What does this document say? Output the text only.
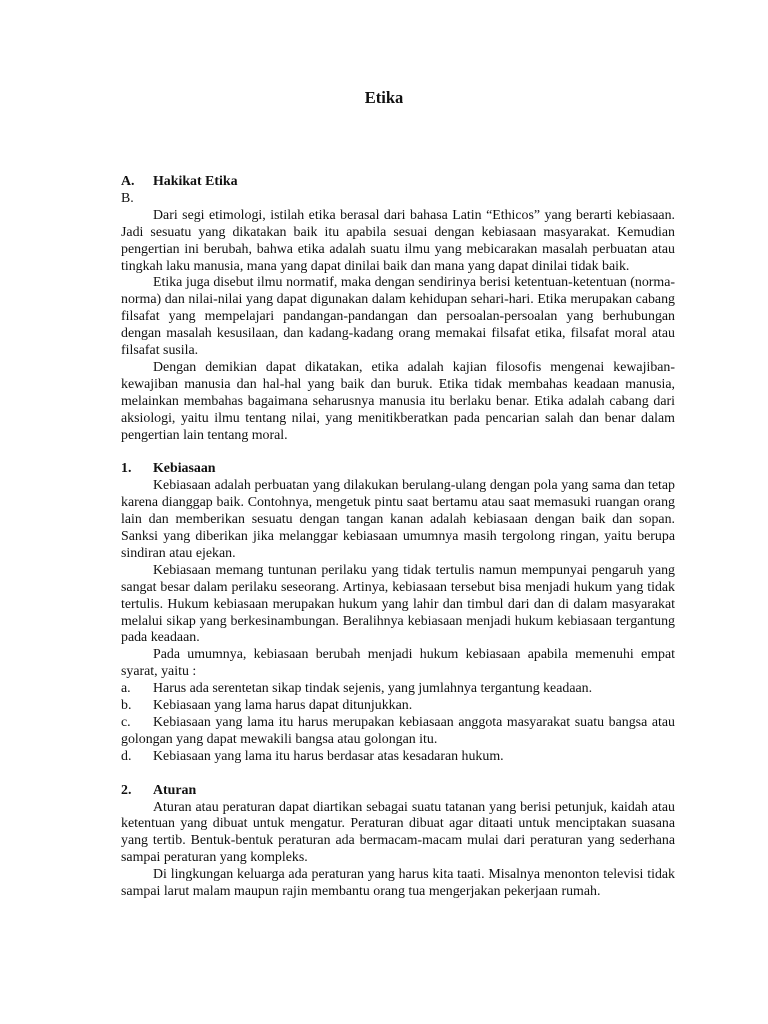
Etika
A.	Hakikat Etika

B.

Dari segi etimologi, istilah etika berasal dari bahasa Latin “Ethicos” yang berarti kebiasaan. Jadi sesuatu yang dikatakan baik itu apabila sesuai dengan kebiasaan masyarakat. Kemudian pengertian ini berubah, bahwa etika adalah suatu ilmu yang mebicarakan masalah perbuatan atau tingkah laku manusia, mana yang dapat dinilai baik dan mana yang dapat dinilai tidak baik.

Etika juga disebut ilmu normatif, maka dengan sendirinya berisi ketentuan-ketentuan (norma-norma) dan nilai-nilai yang dapat digunakan dalam kehidupan sehari-hari. Etika merupakan cabang filsafat yang mempelajari pandangan-pandangan dan persoalan-persoalan yang berhubungan dengan masalah kesusilaan, dan kadang-kadang orang memakai filsafat etika, filsafat moral atau filsafat susila.

Dengan demikian dapat dikatakan, etika adalah kajian filosofis mengenai kewajiban-kewajiban manusia dan hal-hal yang baik dan buruk. Etika tidak membahas keadaan manusia, melainkan membahas bagaimana seharusnya manusia itu berlaku benar. Etika adalah cabang dari aksiologi, yaitu ilmu tentang nilai, yang menitikberatkan pada pencarian salah dan benar dalam pengertian lain tentang moral.

1.	Kebiasaan

Kebiasaan adalah perbuatan yang dilakukan berulang-ulang dengan pola yang sama dan tetap karena dianggap baik. Contohnya, mengetuk pintu saat bertamu atau saat memasuki ruangan orang lain dan memberikan sesuatu dengan tangan kanan adalah kebiasaan dengan baik dan sopan. Sanksi yang diberikan jika melanggar kebiasaan umumnya masih tergolong ringan, yaitu berupa sindiran atau ejekan.

Kebiasaan memang tuntunan perilaku yang tidak tertulis namun mempunyai pengaruh yang sangat besar dalam perilaku seseorang. Artinya, kebiasaan tersebut bisa menjadi hukum yang tidak tertulis. Hukum kebiasaan merupakan hukum yang lahir dan timbul dari dan di dalam masyarakat melalui sikap yang berkesinambungan. Beralihnya kebiasaan menjadi hukum kebiasaan tergantung pada keadaan.

Pada umumnya, kebiasaan berubah menjadi hukum kebiasaan apabila memenuhi empat syarat, yaitu :

a.	Harus ada serentetan sikap tindak sejenis, yang jumlahnya tergantung keadaan.
b.	Kebiasaan yang lama harus dapat ditunjukkan.

c. Kebiasaan yang lama itu harus merupakan kebiasaan anggota masyarakat suatu bangsa atau golongan yang dapat mewakili bangsa atau golongan itu.

d.	Kebiasaan yang lama itu harus berdasar atas kesadaran hukum.
2.	Aturan

Aturan atau peraturan dapat diartikan sebagai suatu tatanan yang berisi petunjuk, kaidah atau ketentuan yang dibuat untuk mengatur. Peraturan dibuat agar ditaati untuk menciptakan suasana yang tertib. Bentuk-bentuk peraturan ada bermacam-macam mulai dari peraturan yang sederhana sampai peraturan yang kompleks.

Di lingkungan keluarga ada peraturan yang harus kita taati. Misalnya menonton televisi tidak sampai larut malam maupun rajin membantu orang tua mengerjakan pekerjaan rumah.
